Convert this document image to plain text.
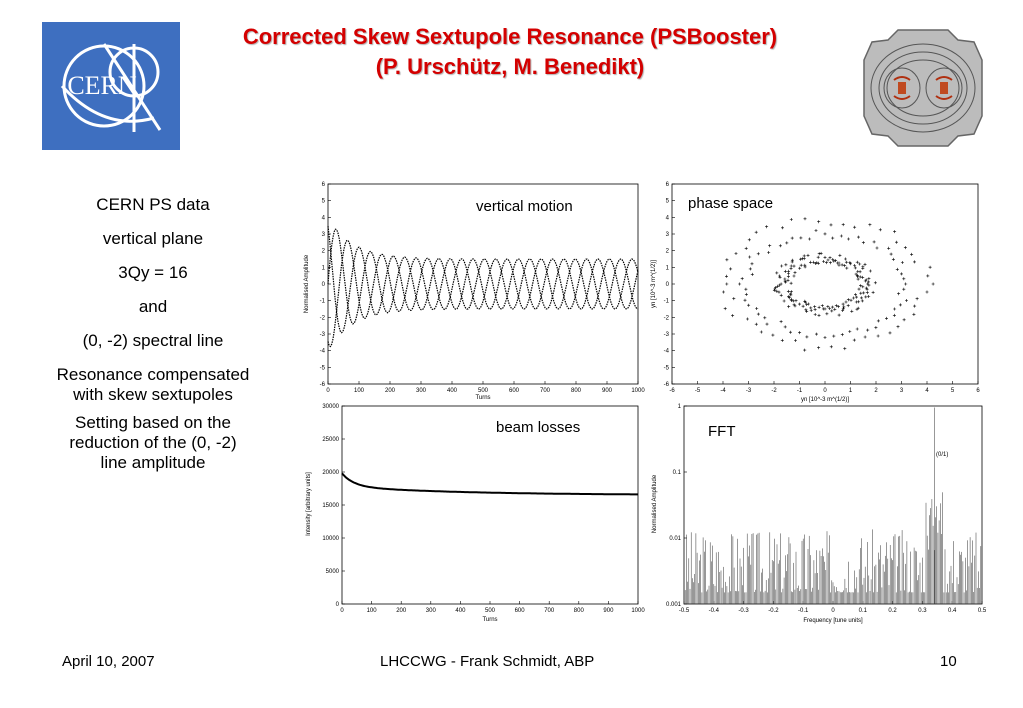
CERN
Corrected Skew Sextupole Resonance (PSBooster)
(P. Urschütz, M. Benedikt)
CERN PS data
vertical plane
3Qy = 16
and
(0, -2) spectral line
Resonance compensated
with skew sextupoles
Setting based on the
reduction of the (0, -2)
line amplitude
6
5
4
3
2
1
0
-1
-2
-3
-4
-5
-6
0	100	200	300	400	500	600	700	800	900	1000
Normalised Amplitude
Turns
vertical motion
6
5
4
3
2
1
0
-1
-2
-3
-4
-5
-6
-6	-5	-4	-3	-2	-1	0	1	2	3	4	5	6
yn [10^-3 m^(1/2)]
yn [10^-3 m^(1/2)]
phase space
30000
25000
20000
15000
10000
5000
0
0	100	200	300	400	500	600	700	800	900	1000
Intensity [arbitrary units]
Turns
beam losses
1
0.1
0.01
0.001
-0.5	-0.4	-0.3	-0.2	-0.1	0	0.1	0.2	0.3	0.4	0.5
(0/1)
Normalised Amplitude
Frequency [tune units]
FFT
April 10, 2007	LHCCWG - Frank Schmidt, ABP	10
